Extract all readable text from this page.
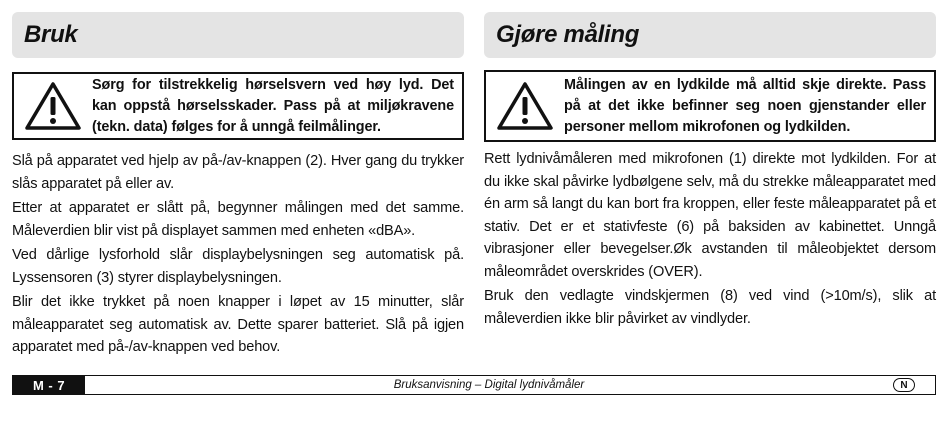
Bruk
Sørg for tilstrekkelig hørselsvern ved høy lyd. Det kan oppstå hørselsskader. Pass på at miljøkravene (tekn. data) følges for å unngå feilmålinger.

Slå på apparatet ved hjelp av på-/av-knappen (2). Hver gang du trykker slås apparatet på eller av.

Etter at apparatet er slått på, begynner målingen med det samme. Måleverdien blir vist på displayet sammen med enheten «dBA».

Ved dårlige lysforhold slår displaybelysningen seg automatisk på. Lyssensoren (3) styrer displaybelysningen.

Blir det ikke trykket på noen knapper i løpet av 15 minutter, slår måleapparatet seg automatisk av. Dette sparer batteriet. Slå på igjen apparatet med på-/av-knappen ved behov.

Gjøre måling
Målingen av en lydkilde må alltid skje direkte. Pass på at det ikke befinner seg noen gjenstander eller personer mellom mikrofonen og lydkilden.

Rett lydnivåmåleren med mikrofonen (1) direkte mot lydkilden. For at du ikke skal påvirke lydbølgene selv, må du strekke måleapparatet med én arm så langt du kan bort fra kroppen, eller feste måleapparatet på et stativ. Det er et stativfeste (6) på baksiden av kabinettet. Unngå vibrasjoner eller bevegelser.Øk avstanden til måleobjektet dersom måleområdet overskrides (OVER).

Bruk den vedlagte vindskjermen (8) ved vind (>10m/s), slik at måleverdien ikke blir påvirket av vindlyder.

M - 7	Bruksanvisning – Digital lydnivåmåler	N
